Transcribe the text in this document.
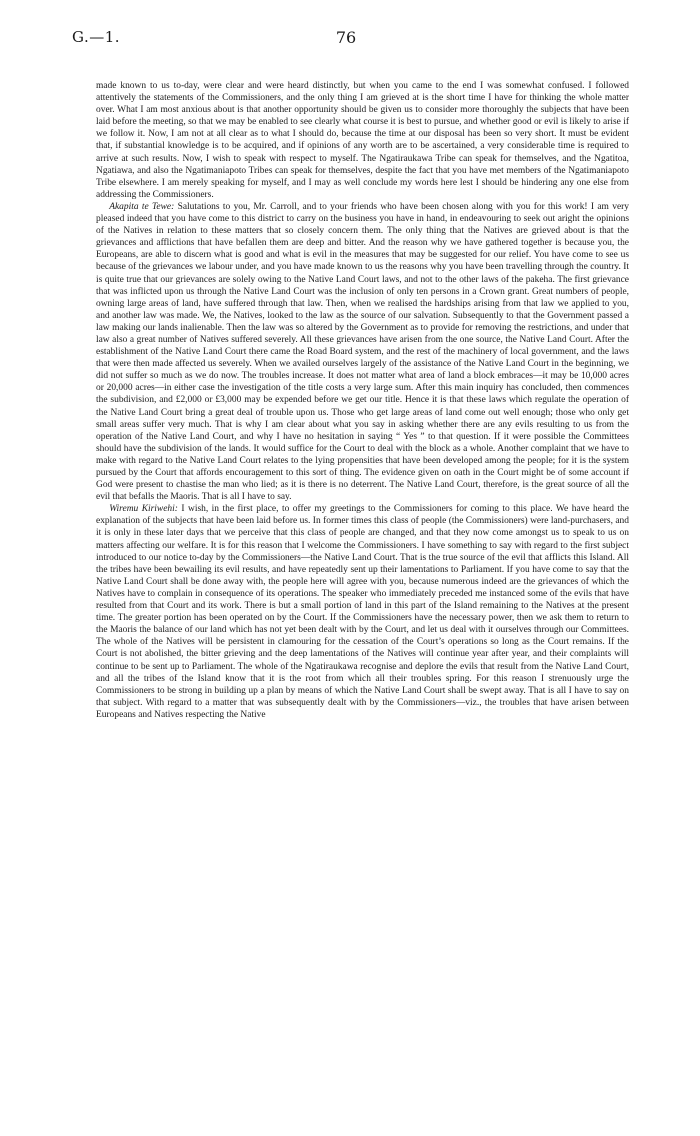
G.—1.	76

made known to us to-day, were clear and were heard distinctly, but when you came to the end I was somewhat confused. I followed attentively the statements of the Commissioners, and the only thing I am grieved at is the short time I have for thinking the whole matter over. What I am most anxious about is that another opportunity should be given us to consider more thoroughly the subjects that have been laid before the meeting, so that we may be enabled to see clearly what course it is best to pursue, and whether good or evil is likely to arise if we follow it. Now, I am not at all clear as to what I should do, because the time at our disposal has been so very short. It must be evident that, if substantial knowledge is to be acquired, and if opinions of any worth are to be ascertained, a very considerable time is required to arrive at such results. Now, I wish to speak with respect to myself. The Ngatiraukawa Tribe can speak for themselves, and the Ngatitoa, Ngatiawa, and also the Ngatimaniapoto Tribes can speak for themselves, despite the fact that you have met members of the Ngatimaniapoto Tribe elsewhere. I am merely speaking for myself, and I may as well conclude my words here lest I should be hindering any one else from addressing the Commissioners.

Akapita te Tewe: Salutations to you, Mr. Carroll, and to your friends who have been chosen along with you for this work! I am very pleased indeed that you have come to this district to carry on the business you have in hand, in endeavouring to seek out aright the opinions of the Natives in relation to these matters that so closely concern them. The only thing that the Natives are grieved about is that the grievances and afflictions that have befallen them are deep and bitter. And the reason why we have gathered together is because you, the Europeans, are able to discern what is good and what is evil in the measures that may be suggested for our relief. You have come to see us because of the grievances we labour under, and you have made known to us the reasons why you have been travelling through the country. It is quite true that our grievances are solely owing to the Native Land Court laws, and not to the other laws of the pakeha. The first grievance that was inflicted upon us through the Native Land Court was the inclusion of only ten persons in a Crown grant. Great numbers of people, owning large areas of land, have suffered through that law. Then, when we realised the hardships arising from that law we applied to you, and another law was made. We, the Natives, looked to the law as the source of our salvation. Subsequently to that the Government passed a law making our lands inalienable. Then the law was so altered by the Government as to provide for removing the restrictions, and under that law also a great number of Natives suffered severely. All these grievances have arisen from the one source, the Native Land Court. After the establishment of the Native Land Court there came the Road Board system, and the rest of the machinery of local government, and the laws that were then made affected us severely. When we availed ourselves largely of the assistance of the Native Land Court in the beginning, we did not suffer so much as we do now. The troubles increase. It does not matter what area of land a block embraces—it may be 10,000 acres or 20,000 acres—in either case the investigation of the title costs a very large sum. After this main inquiry has concluded, then commences the subdivision, and £2,000 or £3,000 may be expended before we get our title. Hence it is that these laws which regulate the operation of the Native Land Court bring a great deal of trouble upon us. Those who get large areas of land come out well enough; those who only get small areas suffer very much. That is why I am clear about what you say in asking whether there are any evils resulting to us from the operation of the Native Land Court, and why I have no hesitation in saying “ Yes ” to that question. If it were possible the Committees should have the subdivision of the lands. It would suffice for the Court to deal with the block as a whole. Another complaint that we have to make with regard to the Native Land Court relates to the lying propensities that have been developed among the people; for it is the system pursued by the Court that affords encouragement to this sort of thing. The evidence given on oath in the Court might be of some account if God were present to chastise the man who lied; as it is there is no deterrent. The Native Land Court, therefore, is the great source of all the evil that befalls the Maoris. That is all I have to say.

Wiremu Kiriwehi: I wish, in the first place, to offer my greetings to the Commissioners for coming to this place. We have heard the explanation of the subjects that have been laid before us. In former times this class of people (the Commissioners) were land-purchasers, and it is only in these later days that we perceive that this class of people are changed, and that they now come amongst us to speak to us on matters affecting our welfare. It is for this reason that I welcome the Commissioners. I have something to say with regard to the first subject introduced to our notice to-day by the Commissioners—the Native Land Court. That is the true source of the evil that afflicts this Island. All the tribes have been bewailing its evil results, and have repeatedly sent up their lamentations to Parliament. If you have come to say that the Native Land Court shall be done away with, the people here will agree with you, because numerous indeed are the grievances of which the Natives have to complain in consequence of its operations. The speaker who immediately preceded me instanced some of the evils that have resulted from that Court and its work. There is but a small portion of land in this part of the Island remaining to the Natives at the present time. The greater portion has been operated on by the Court. If the Commissioners have the necessary power, then we ask them to return to the Maoris the balance of our land which has not yet been dealt with by the Court, and let us deal with it ourselves through our Committees. The whole of the Natives will be persistent in clamouring for the cessation of the Court’s operations so long as the Court remains. If the Court is not abolished, the bitter grieving and the deep lamentations of the Natives will continue year after year, and their complaints will continue to be sent up to Parliament. The whole of the Ngatiraukawa recognise and deplore the evils that result from the Native Land Court, and all the tribes of the Island know that it is the root from which all their troubles spring. For this reason I strenuously urge the Commissioners to be strong in building up a plan by means of which the Native Land Court shall be swept away. That is all I have to say on that subject. With regard to a matter that was subsequently dealt with by the Commissioners—viz., the troubles that have arisen between Europeans and Natives respecting the Native
